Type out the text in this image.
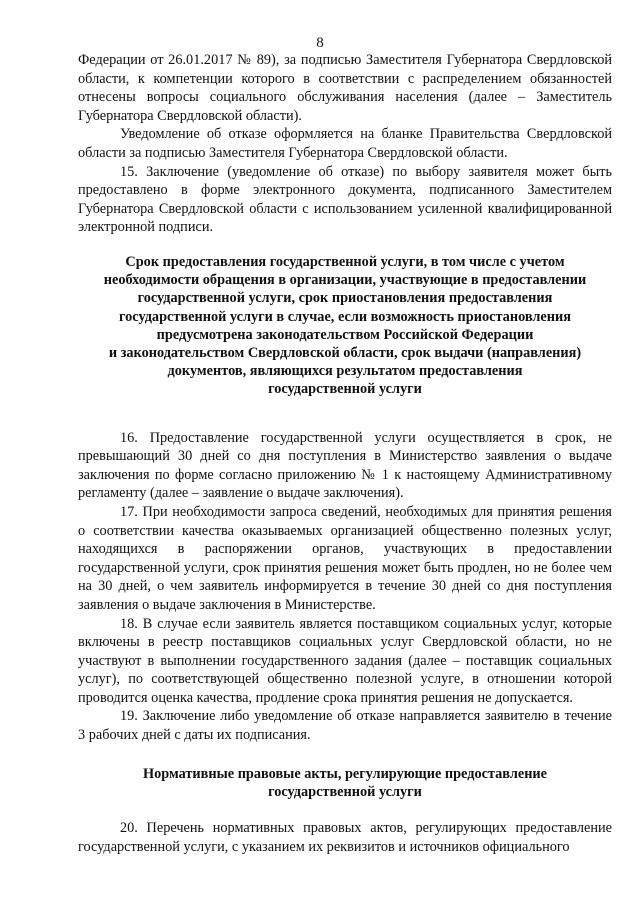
8

Федерации от 26.01.2017 № 89), за подписью Заместителя Губернатора Свердловской области, к компетенции которого в соответствии с распределением обязанностей отнесены вопросы социального обслуживания населения (далее – Заместитель Губернатора Свердловской области).

Уведомление об отказе оформляется на бланке Правительства Свердловской области за подписью Заместителя Губернатора Свердловской области.

15. Заключение (уведомление об отказе) по выбору заявителя может быть предоставлено в форме электронного документа, подписанного Заместителем Губернатора Свердловской области с использованием усиленной квалифицированной электронной подписи.

Срок предоставления государственной услуги, в том числе с учетом
необходимости обращения в организации, участвующие в предоставлении
государственной услуги, срок приостановления предоставления
государственной услуги в случае, если возможность приостановления
предусмотрена законодательством Российской Федерации
и законодательством Свердловской области, срок выдачи (направления)
документов, являющихся результатом предоставления
государственной услуги

16. Предоставление государственной услуги осуществляется в срок, не превышающий 30 дней со дня поступления в Министерство заявления о выдаче заключения по форме согласно приложению № 1 к настоящему Административному регламенту (далее – заявление о выдаче заключения).

17. При необходимости запроса сведений, необходимых для принятия решения о соответствии качества оказываемых организацией общественно полезных услуг, находящихся в распоряжении органов, участвующих в предоставлении государственной услуги, срок принятия решения может быть продлен, но не более чем на 30 дней, о чем заявитель информируется в течение 30 дней со дня поступления заявления о выдаче заключения в Министерстве.

18. В случае если заявитель является поставщиком социальных услуг, которые включены в реестр поставщиков социальных услуг Свердловской области, но не участвуют в выполнении государственного задания (далее – поставщик социальных услуг), по соответствующей общественно полезной услуге, в отношении которой проводится оценка качества, продление срока принятия решения не допускается.

19. Заключение либо уведомление об отказе направляется заявителю в течение 3 рабочих дней с даты их подписания.

Нормативные правовые акты, регулирующие предоставление
государственной услуги

20. Перечень нормативных правовых актов, регулирующих предоставление государственной услуги, с указанием их реквизитов и источников официального
